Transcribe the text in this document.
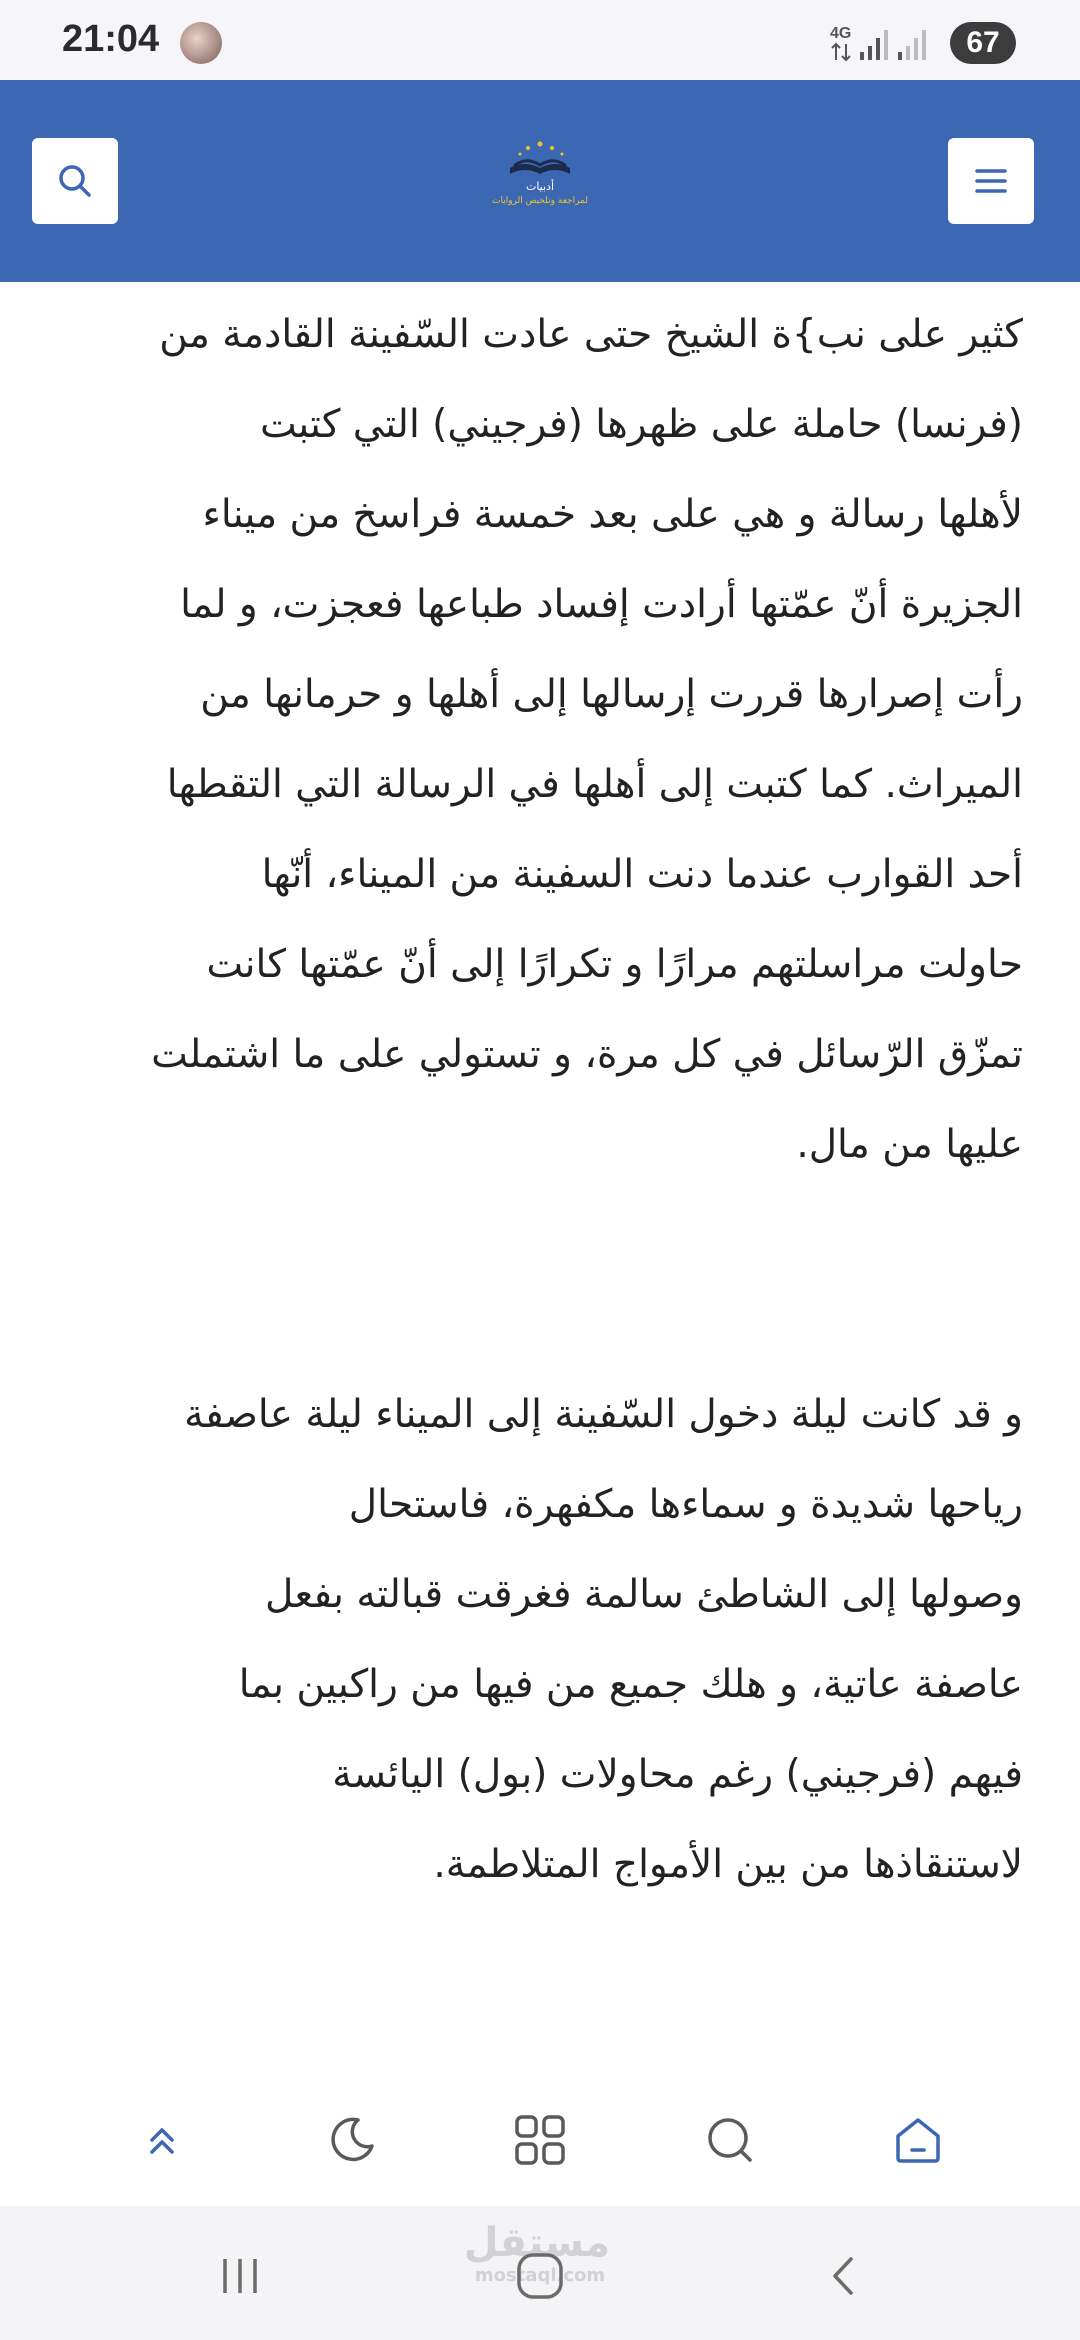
21:04	4G	67
أدبيات
لمراجعة وتلخيص الروايات
كثير على نب}ة الشيخ حتى عادت السّفينة القادمة من
(فرنسا) حاملة على ظهرها (فرجيني) التي كتبت
لأهلها رسالة و هي على بعد خمسة فراسخ من ميناء
الجزيرة أنّ عمّتها أرادت إفساد طباعها فعجزت، و لما
رأت إصرارها قررت إرسالها إلى أهلها و حرمانها من
الميراث. كما كتبت إلى أهلها في الرسالة التي التقطها
أحد القوارب عندما دنت السفينة من الميناء، أنّها
حاولت مراسلتهم مرارًا و تكرارًا إلى أنّ عمّتها كانت
تمزّق الرّسائل في كل مرة، و تستولي على ما اشتملت
عليها من مال.
و قد كانت ليلة دخول السّفينة إلى الميناء ليلة عاصفة
رياحها شديدة و سماءها مكفهرة، فاستحال
وصولها إلى الشاطئ سالمة فغرقت قبالته بفعل
عاصفة عاتية، و هلك جميع من فيها من راكبين بما
فيهم (فرجيني) رغم محاولات (بول) اليائسة
لاستنقاذها من بين الأمواج المتلاطمة.
مستقل
mostaql.com
